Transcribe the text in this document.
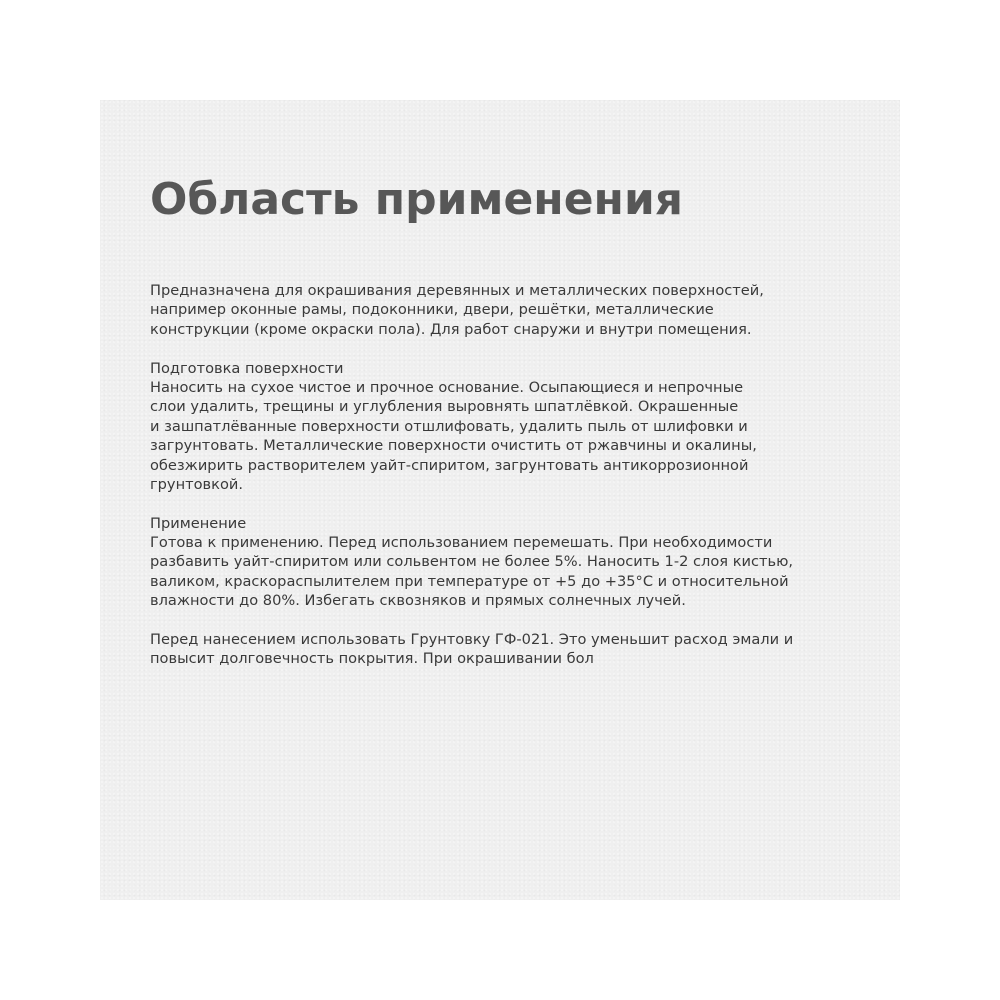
Область применения
Предназначена для окрашивания деревянных и металлических поверхностей,
например оконные рамы, подоконники, двери, решётки, металлические
конструкции (кроме окраски пола). Для работ снаружи и внутри помещения.
Подготовка поверхности
Наносить на сухое чистое и прочное основание. Осыпающиеся и непрочные
слои удалить, трещины и углубления выровнять шпатлёвкой. Окрашенные
и зашпатлёванные поверхности отшлифовать, удалить пыль от шлифовки и
загрунтовать. Металлические поверхности очистить от ржавчины и окалины,
обезжирить растворителем уайт-спиритом, загрунтовать антикоррозионной
грунтовкой.
Применение
Готова к применению. Перед использованием перемешать. При необходимости
разбавить уайт-спиритом или сольвентом не более 5%. Наносить 1-2 слоя кистью,
валиком, краскораспылителем при температуре от +5 до +35°С и относительной
влажности до 80%. Избегать сквозняков и прямых солнечных лучей.
Перед нанесением использовать Грунтовку ГФ-021. Это уменьшит расход эмали и
повысит долговечность покрытия. При окрашивании бол
